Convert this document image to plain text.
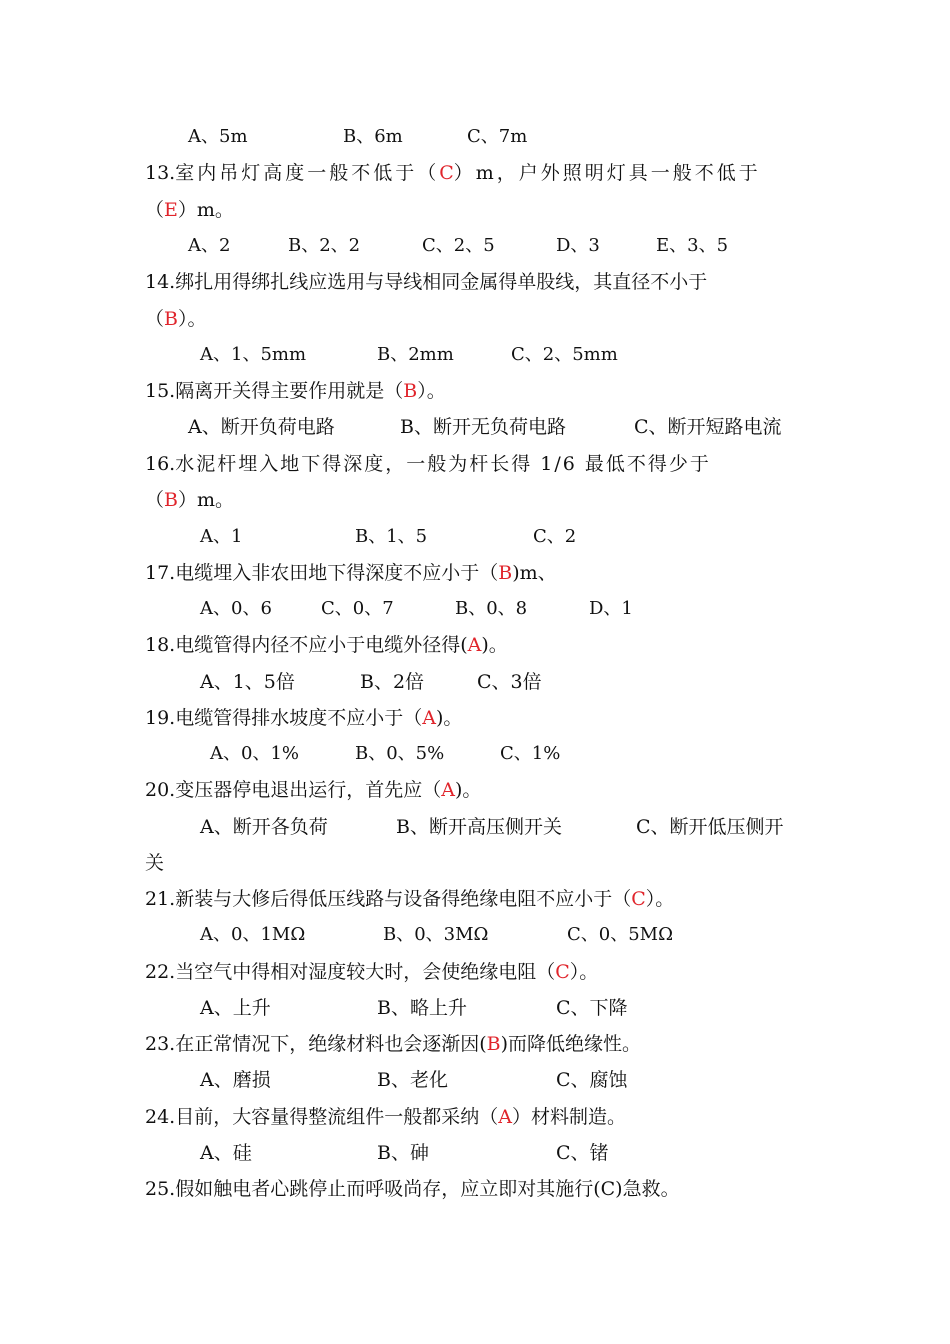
A、5m	B、6m	C、7m
13.室内吊灯高度一般不低于（C）m，户外照明灯具一般不低于
（E）m。
A、2	B、2、2	C、2、5	D、3	E、3、5
14.绑扎用得绑扎线应选用与导线相同金属得单股线，其直径不小于
（B）。
A、1、5mm	B、2mm	C、2、5mm
15.隔离开关得主要作用就是（B）。
A、断开负荷电路	B、断开无负荷电路	C、断开短路电流
16.水泥杆埋入地下得深度，一般为杆长得 1/6 最低不得少于
（B）m。
A、1	B、1、5	C、2
17.电缆埋入非农田地下得深度不应小于（B)m、
A、0、6	C、0、7	B、0、8	D、1
18.电缆管得内径不应小于电缆外径得(A)。
A、1、5倍	B、2倍	C、3倍
19.电缆管得排水坡度不应小于（A)。
A、0、1%	B、0、5%	C、1%
20.变压器停电退出运行，首先应（A)。
A、断开各负荷	B、断开高压侧开关	C、断开低压侧开
关
21.新装与大修后得低压线路与设备得绝缘电阻不应小于（C）。
A、0、1MΩ	B、0、3MΩ	C、0、5MΩ
22.当空气中得相对湿度较大时，会使绝缘电阻（C）。
A、上升	B、略上升	C、下降
23.在正常情况下，绝缘材料也会逐渐因(B)而降低绝缘性。
A、磨损	B、老化	C、腐蚀
24.目前，大容量得整流组件一般都采纳（A）材料制造。
A、硅	B、砷	C、锗
25.假如触电者心跳停止而呼吸尚存，应立即对其施行(C)急救。
